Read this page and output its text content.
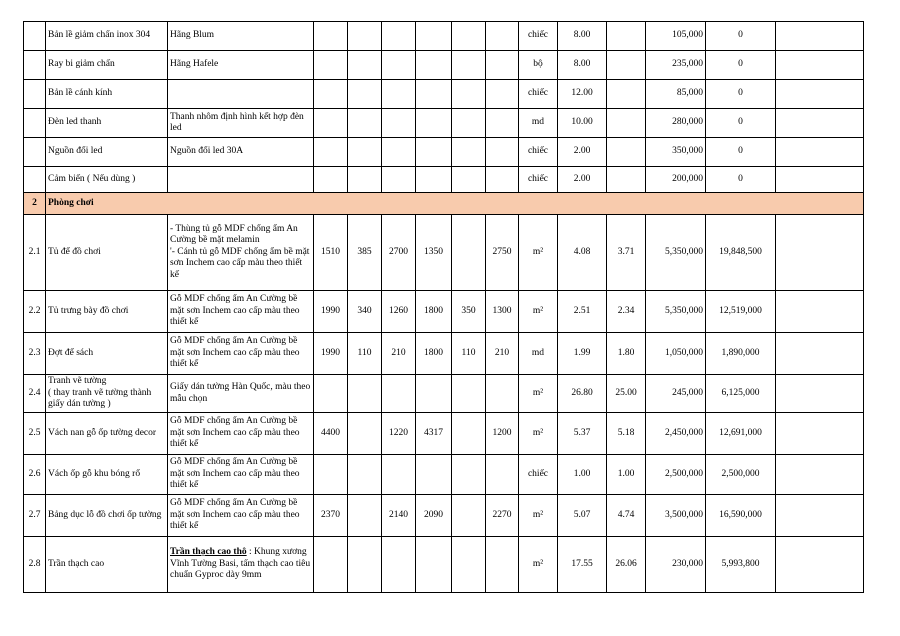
	Bản lề giảm chấn inox 304	Hãng Blum							chiếc	8.00		105,000	0	
	Ray bi giảm chấn	Hãng Hafele							bộ	8.00		235,000	0	
	Bản lề cánh kính								chiếc	12.00		85,000	0	
	Đèn led thanh	Thanh nhôm định hình kết hợp đèn led							md	10.00		280,000	0	
	Nguồn đổi led	Nguồn đổi led 30A							chiếc	2.00		350,000	0	
	Cảm biến ( Nếu dùng )								chiếc	2.00		200,000	0	
2	Phòng chơi													
2.1	Tủ để đồ chơi	- Thùng tủ gỗ MDF chống ẩm An Cường bề mặt melamin
'- Cánh tủ gỗ MDF chống ẩm bề mặt sơn Inchem cao cấp màu theo thiết kế	1510	385	2700	1350		2750	m²	4.08	3.71	5,350,000	19,848,500	
2.2	Tủ trưng bày đồ chơi	Gỗ MDF chống ẩm An Cường bề mặt sơn Inchem cao cấp màu theo thiết kế	1990	340	1260	1800	350	1300	m²	2.51	2.34	5,350,000	12,519,000	
2.3	Đợt để sách	Gỗ MDF chống ẩm An Cường bề mặt sơn Inchem cao cấp màu theo thiết kế	1990	110	210	1800	110	210	md	1.99	1.80	1,050,000	1,890,000	
2.4	Tranh vẽ tường
( thay tranh vẽ tường thành giấy dán tường )	Giấy dán tường Hàn Quốc, màu theo mẫu chọn							m²	26.80	25.00	245,000	6,125,000	
2.5	Vách nan gỗ ốp tường decor	Gỗ MDF chống ẩm An Cường bề mặt sơn Inchem cao cấp màu theo thiết kế	4400		1220	4317		1200	m²	5.37	5.18	2,450,000	12,691,000	
2.6	Vách ốp gỗ khu bóng rổ	Gỗ MDF chống ẩm An Cường bề mặt sơn Inchem cao cấp màu theo thiết kế							chiếc	1.00	1.00	2,500,000	2,500,000	
2.7	Bảng dục lỗ đồ chơi ốp tường	Gỗ MDF chống ẩm An Cường bề mặt sơn Inchem cao cấp màu theo thiết kế	2370		2140	2090		2270	m²	5.07	4.74	3,500,000	16,590,000	
2.8	Trần thạch cao	Trần thạch cao thô : Khung xương Vĩnh Tường Basi, tấm thạch cao tiêu chuẩn Gyproc dày 9mm							m²	17.55	26.06	230,000	5,993,800	
